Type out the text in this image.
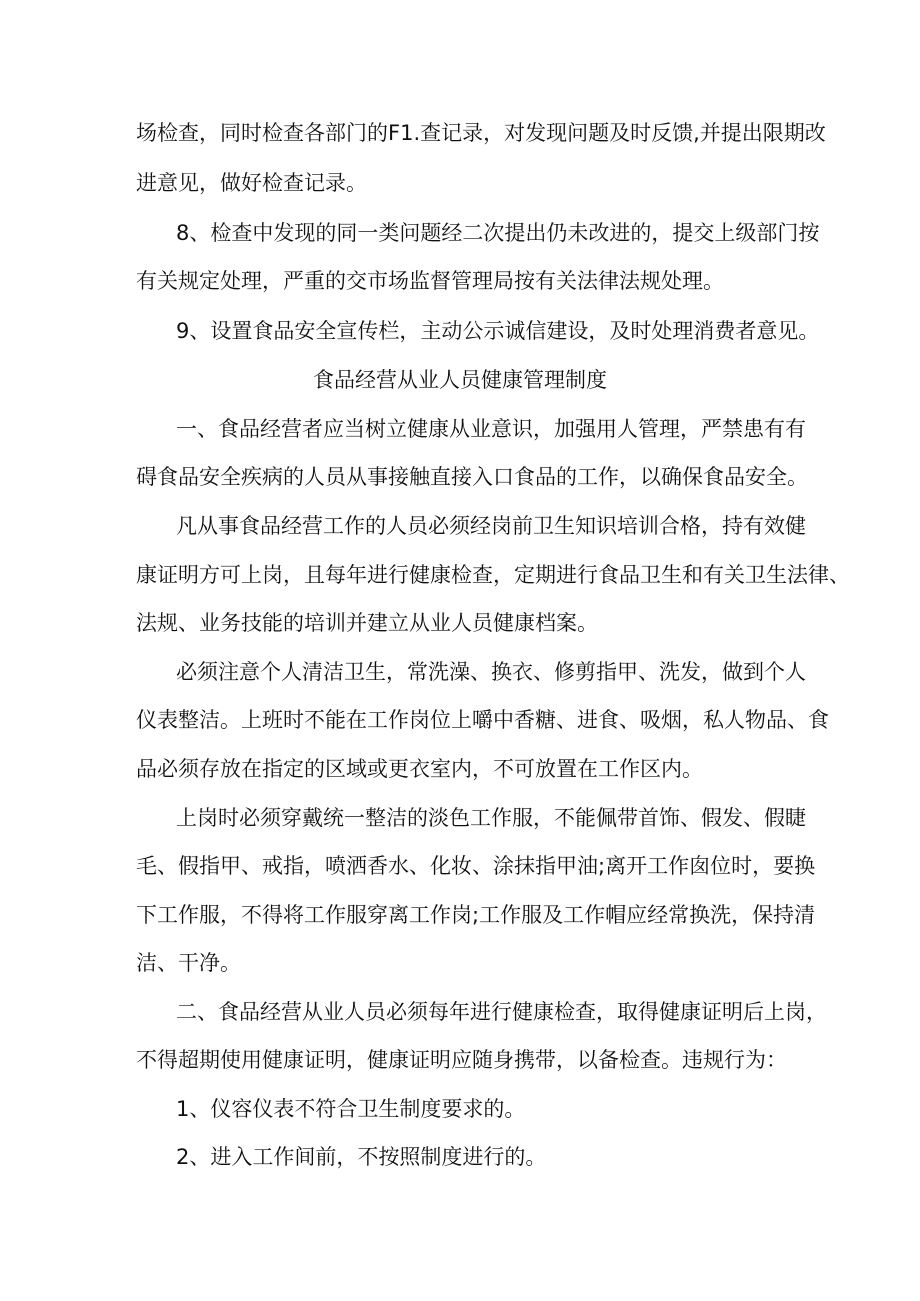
场检查，同时检查各部门的F1.查记录，对发现问题及时反馈,并提出限期改
进意见，做好检查记录。
8、检查中发现的同一类问题经二次提出仍未改进的，提交上级部门按
有关规定处理，严重的交市场监督管理局按有关法律法规处理。
9、设置食品安全宣传栏，主动公示诚信建设，及时处理消费者意见。
食品经营从业人员健康管理制度
一、食品经营者应当树立健康从业意识，加强用人管理，严禁患有有
碍食品安全疾病的人员从事接触直接入口食品的工作，以确保食品安全。
凡从事食品经营工作的人员必须经岗前卫生知识培训合格，持有效健
康证明方可上岗，且每年进行健康检查，定期进行食品卫生和有关卫生法律、
法规、业务技能的培训并建立从业人员健康档案。
必须注意个人清洁卫生，常洗澡、换衣、修剪指甲、洗发，做到个人
仪表整洁。上班时不能在工作岗位上嚼中香糖、进食、吸烟，私人物品、食
品必须存放在指定的区域或更衣室内，不可放置在工作区内。
上岗时必须穿戴统一整洁的淡色工作服，不能佩带首饰、假发、假睫
毛、假指甲、戒指，喷洒香水、化妆、涂抹指甲油;离开工作囱位时，要换
下工作服，不得将工作服穿离工作岗;工作服及工作帽应经常换洗，保持清
洁、干净。
二、食品经营从业人员必须每年进行健康检查，取得健康证明后上岗，
不得超期使用健康证明，健康证明应随身携带，以备检查。违规行为：
1、仪容仪表不符合卫生制度要求的。
2、进入工作间前，不按照制度进行的。
